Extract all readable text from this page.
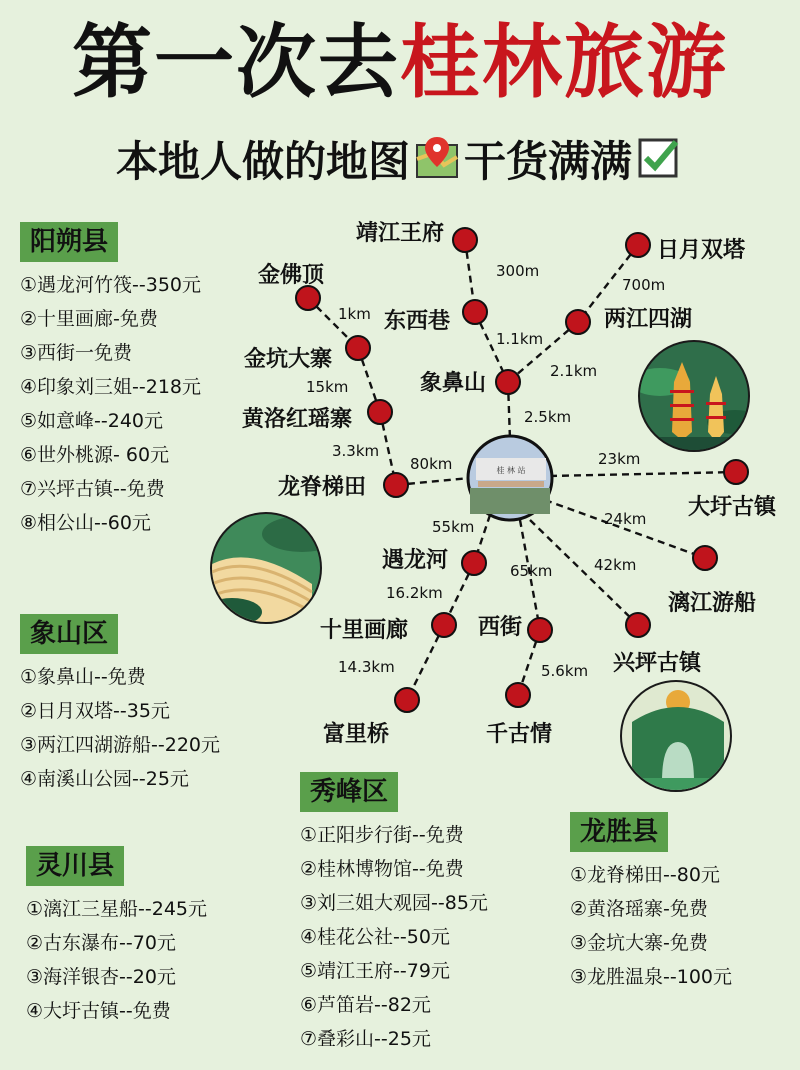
第一次去桂林旅游
本地人做的地图 干货满满
桂 林 站
靖江王府
日月双塔
金佛顶
东西巷	两江四湖
金坑大寨
象鼻山
黄洛红瑶寨
龙脊梯田
大圩古镇
遇龙河
漓江游船
十里画廊	西街
兴坪古镇
富里桥	千古情
300m
700m
1km
1.1km
2.1km
15km
2.5km
3.3km
80km	23km
24km
55km
16.2km
65km	42km
14.3km	5.6km
阳朔县
①遇龙河竹筏--350元
②十里画廊-免费
③西街一免费
④印象刘三姐--218元
⑤如意峰--240元
⑥世外桃源- 60元
⑦兴坪古镇--免费
⑧相公山--60元
象山区
①象鼻山--免费
②日月双塔--35元
③两江四湖游船--220元
④南溪山公园--25元
灵川县
①漓江三星船--245元
②古东瀑布--70元
③海洋银杏--20元
④大圩古镇--免费
秀峰区
①正阳步行街--免费
②桂林博物馆--免费
③刘三姐大观园--85元
④桂花公社--50元
⑤靖江王府--79元
⑥芦笛岩--82元
⑦叠彩山--25元
龙胜县
①龙脊梯田--80元
②黄洛瑶寨-免费
③金坑大寨-免费
③龙胜温泉--100元
